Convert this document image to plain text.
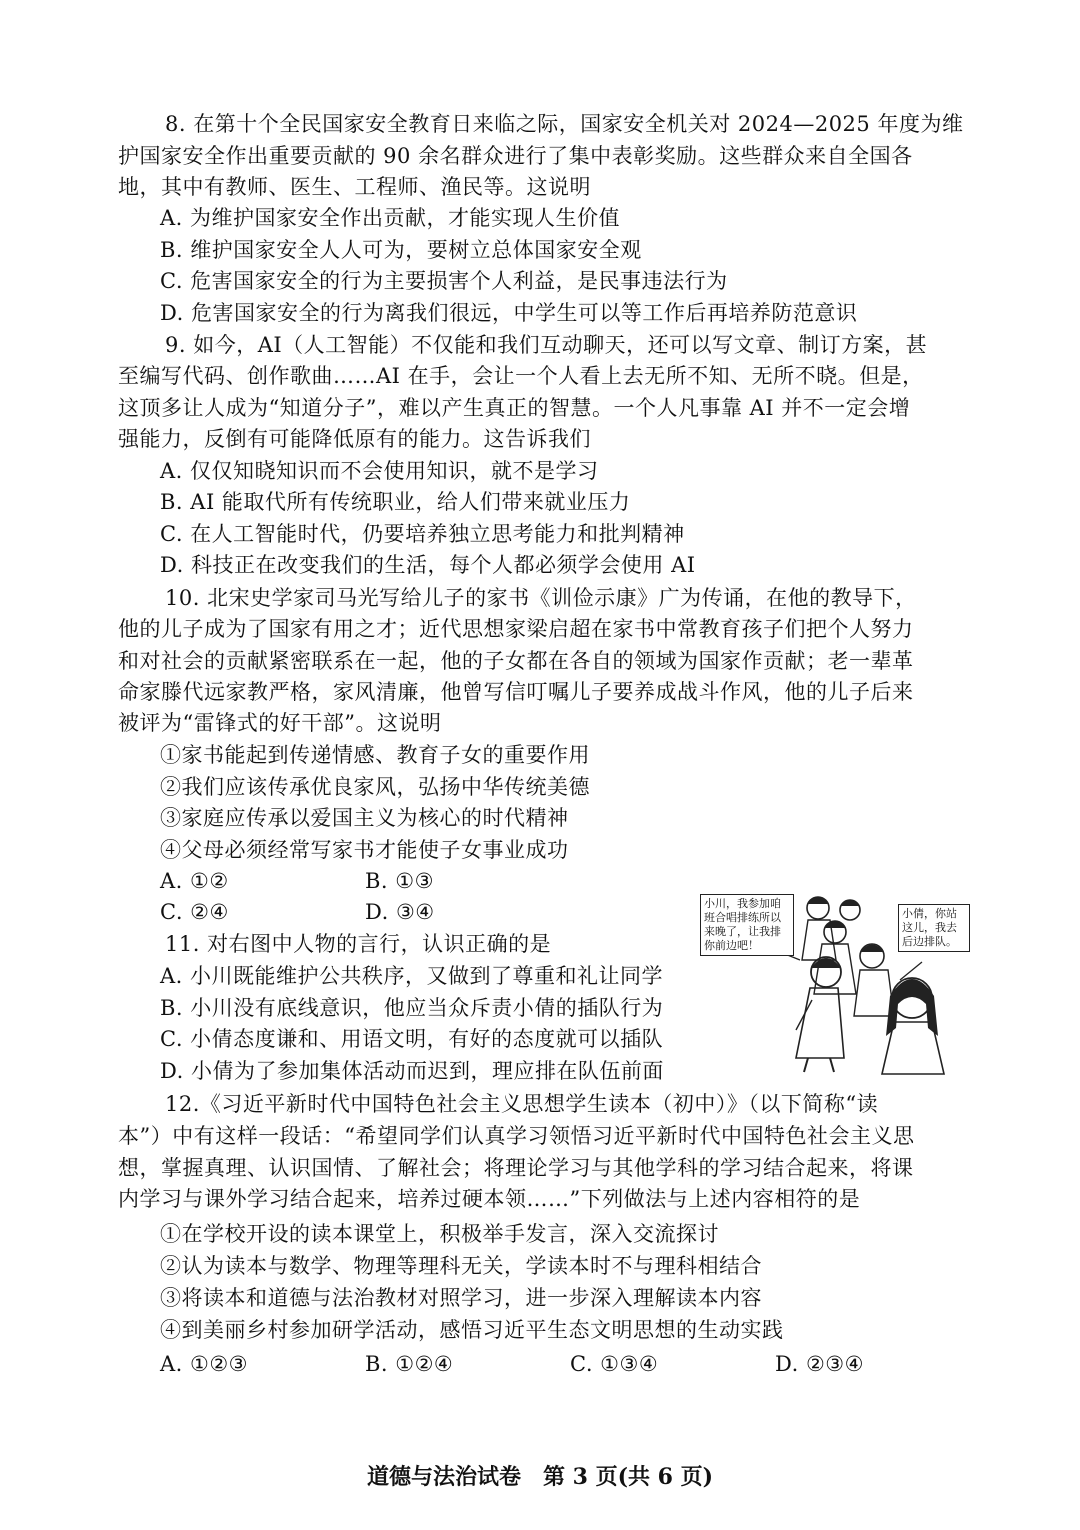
8. 在第十个全民国家安全教育日来临之际，国家安全机关对 2024—2025 年度为维
护国家安全作出重要贡献的 90 余名群众进行了集中表彰奖励。这些群众来自全国各
地，其中有教师、医生、工程师、渔民等。这说明
A. 为维护国家安全作出贡献，才能实现人生价值
B. 维护国家安全人人可为，要树立总体国家安全观
C. 危害国家安全的行为主要损害个人利益，是民事违法行为
D. 危害国家安全的行为离我们很远，中学生可以等工作后再培养防范意识
9. 如今，AI（人工智能）不仅能和我们互动聊天，还可以写文章、制订方案，甚
至编写代码、创作歌曲……AI 在手，会让一个人看上去无所不知、无所不晓。但是，
这顶多让人成为“知道分子”，难以产生真正的智慧。一个人凡事靠 AI 并不一定会增
强能力，反倒有可能降低原有的能力。这告诉我们
A. 仅仅知晓知识而不会使用知识，就不是学习
B. AI 能取代所有传统职业，给人们带来就业压力
C. 在人工智能时代，仍要培养独立思考能力和批判精神
D. 科技正在改变我们的生活，每个人都必须学会使用 AI
10. 北宋史学家司马光写给儿子的家书《训俭示康》广为传诵，在他的教导下，
他的儿子成为了国家有用之才；近代思想家梁启超在家书中常教育孩子们把个人努力
和对社会的贡献紧密联系在一起，他的子女都在各自的领域为国家作贡献；老一辈革
命家滕代远家教严格，家风清廉，他曾写信叮嘱儿子要养成战斗作风，他的儿子后来
被评为“雷锋式的好干部”。这说明
①家书能起到传递情感、教育子女的重要作用
②我们应该传承优良家风，弘扬中华传统美德
③家庭应传承以爱国主义为核心的时代精神
④父母必须经常写家书才能使子女事业成功
A. ①②	B. ①③
C. ②④	D. ③④
11. 对右图中人物的言行，认识正确的是
A. 小川既能维护公共秩序，又做到了尊重和礼让同学
B. 小川没有底线意识，他应当众斥责小倩的插队行为
C. 小倩态度谦和、用语文明，有好的态度就可以插队
D. 小倩为了参加集体活动而迟到，理应排在队伍前面
小川，我参加咱班合唱排练所以来晚了，让我排你前边吧！
小倩，你站这儿，我去后边排队。
12.《习近平新时代中国特色社会主义思想学生读本（初中）》（以下简称“读
本”）中有这样一段话：“希望同学们认真学习领悟习近平新时代中国特色社会主义思
想，掌握真理、认识国情、了解社会；将理论学习与其他学科的学习结合起来，将课
内学习与课外学习结合起来，培养过硬本领……”下列做法与上述内容相符的是
①在学校开设的读本课堂上，积极举手发言，深入交流探讨
②认为读本与数学、物理等理科无关，学读本时不与理科相结合
③将读本和道德与法治教材对照学习，进一步深入理解读本内容
④到美丽乡村参加研学活动，感悟习近平生态文明思想的生动实践
A. ①②③	B. ①②④	C. ①③④	D. ②③④
道德与法治试卷　第 3 页(共 6 页)
